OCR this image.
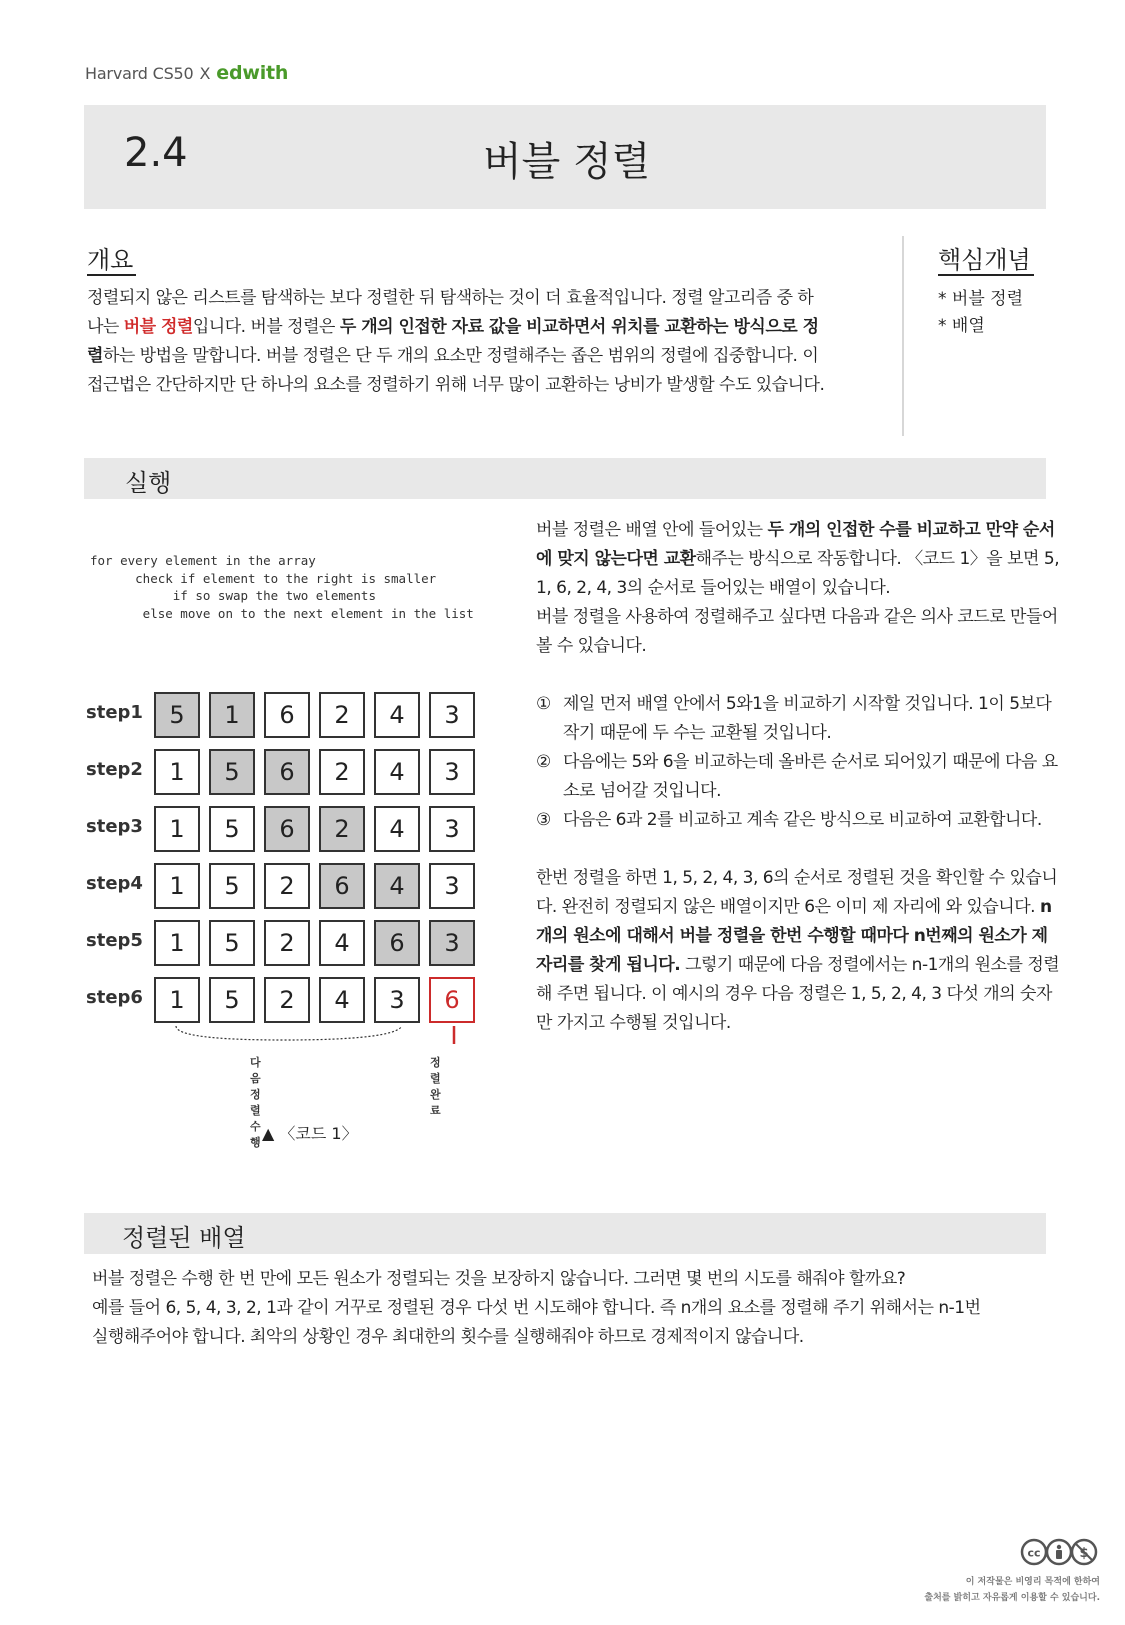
Harvard CS50 X edwith
2.4	버블 정렬
개요
정렬되지 않은 리스트를 탐색하는 보다 정렬한 뒤 탐색하는 것이 더 효율적입니다. 정렬 알고리즘 중 하나는 버블 정렬입니다. 버블 정렬은 두 개의 인접한 자료 값을 비교하면서 위치를 교환하는 방식으로 정렬하는 방법을 말합니다. 버블 정렬은 단 두 개의 요소만 정렬해주는 좁은 범위의 정렬에 집중합니다. 이 접근법은 간단하지만 단 하나의 요소를 정렬하기 위해 너무 많이 교환하는 낭비가 발생할 수도 있습니다.
핵심개념
* 버블 정렬
* 배열
실행
for every element in the array
check if element to the right is smaller
if so swap the two elements
else move on to the next element in the list
step1	5	1	6	2	4	3
step2	1	5	6	2	4	3
step3	1	5	6	2	4	3
step4	1	5	2	6	4	3
step5	1	5	2	4	6	3
step6	1	5	2	4	3	6
다음 정렬 수행
정렬 완료
▲ 〈코드 1〉

버블 정렬은 배열 안에 들어있는 두 개의 인접한 수를 비교하고 만약 순서에 맞지 않는다면 교환해주는 방식으로 작동합니다. 〈코드 1〉을 보면 5, 1, 6, 2, 4, 3의 순서로 들어있는 배열이 있습니다.

버블 정렬을 사용하여 정렬해주고 싶다면 다음과 같은 의사 코드로 만들어볼 수 있습니다.

① 제일 먼저 배열 안에서 5와1을 비교하기 시작할 것입니다. 1이 5보다 작기 때문에 두 수는 교환될 것입니다.
② 다음에는 5와 6을 비교하는데 올바른 순서로 되어있기 때문에 다음 요소로 넘어갈 것입니다.
③ 다음은 6과 2를 비교하고 계속 같은 방식으로 비교하여 교환합니다.

한번 정렬을 하면 1, 5, 2, 4, 3, 6의 순서로 정렬된 것을 확인할 수 있습니다. 완전히 정렬되지 않은 배열이지만 6은 이미 제 자리에 와 있습니다. n개의 원소에 대해서 버블 정렬을 한번 수행할 때마다 n번째의 원소가 제 자리를 찾게 됩니다. 그렇기 때문에 다음 정렬에서는 n-1개의 원소를 정렬해 주면 됩니다. 이 예시의 경우 다음 정렬은 1, 5, 2, 4, 3 다섯 개의 숫자만 가지고 수행될 것입니다.

정렬된 배열

버블 정렬은 수행 한 번 만에 모든 원소가 정렬되는 것을 보장하지 않습니다. 그러면 몇 번의 시도를 해줘야 할까요?

예를 들어 6, 5, 4, 3, 2, 1과 같이 거꾸로 정렬된 경우 다섯 번 시도해야 합니다. 즉 n개의 요소를 정렬해 주기 위해서는 n-1번

실행해주어야 합니다. 최악의 상황인 경우 최대한의 횟수를 실행해줘야 하므로 경제적이지 않습니다.

cc	$

이 저작물은 비영리 목적에 한하여

출처를 밝히고 자유롭게 이용할 수 있습니다.
